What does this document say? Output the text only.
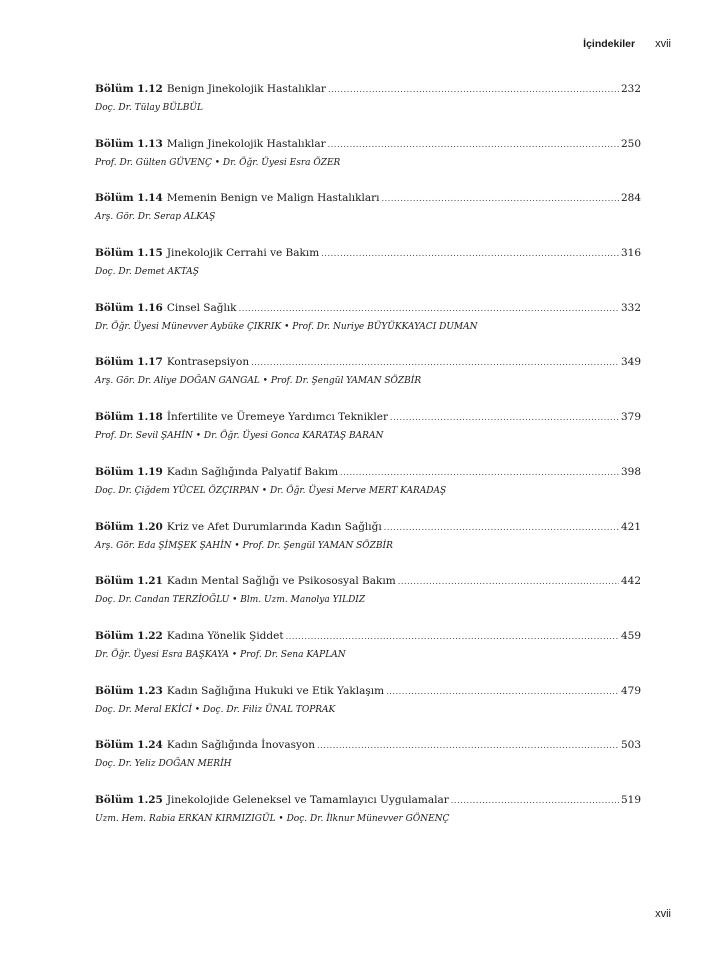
İçindekiler xvii
Bölüm 1.12 Benign Jinekolojik Hastalıklar .....	232
Doç. Dr. Tülay BÜLBÜL
Bölüm 1.13 Malign Jinekolojik Hastalıklar .....	250
Prof. Dr. Gülten GÜVENÇ • Dr. Öğr. Üyesi Esra ÖZER
Bölüm 1.14 Memenin Benign ve Malign Hastalıkları .....	284
Arş. Gör. Dr. Serap ALKAŞ
Bölüm 1.15 Jinekolojik Cerrahi ve Bakım .....	316
Doç. Dr. Demet AKTAŞ
Bölüm 1.16 Cinsel Sağlık .....	332
Dr. Öğr. Üyesi Münevver Aybüke ÇIKRIK • Prof. Dr. Nuriye BÜYÜKKAYACI DUMAN
Bölüm 1.17 Kontrasepsiyon .....	349
Arş. Gör. Dr. Aliye DOĞAN GANGAL • Prof. Dr. Şengül YAMAN SÖZBİR
Bölüm 1.18 İnfertilite ve Üremeye Yardımcı Teknikler .....	379
Prof. Dr. Sevil ŞAHİN • Dr. Öğr. Üyesi Gonca KARATAŞ BARAN
Bölüm 1.19 Kadın Sağlığında Palyatif Bakım .....	398
Doç. Dr. Çiğdem YÜCEL ÖZÇIRPAN • Dr. Öğr. Üyesi Merve MERT KARADAŞ
Bölüm 1.20 Kriz ve Afet Durumlarında Kadın Sağlığı .....	421
Arş. Gör. Eda ŞİMŞEK ŞAHİN • Prof. Dr. Şengül YAMAN SÖZBİR
Bölüm 1.21 Kadın Mental Sağlığı ve Psikososyal Bakım .....	442
Doç. Dr. Candan TERZİOĞLU • Blm. Uzm. Manolya YILDIZ
Bölüm 1.22 Kadına Yönelik Şiddet .....	459
Dr. Öğr. Üyesi Esra BAŞKAYA • Prof. Dr. Sena KAPLAN
Bölüm 1.23 Kadın Sağlığına Hukuki ve Etik Yaklaşım .....	479
Doç. Dr. Meral EKİCİ • Doç. Dr. Filiz ÜNAL TOPRAK
Bölüm 1.24 Kadın Sağlığında İnovasyon .....	503
Doç. Dr. Yeliz DOĞAN MERİH
Bölüm 1.25 Jinekolojide Geleneksel ve Tamamlayıcı Uygulamalar .....	519
Uzm. Hem. Rabia ERKAN KIRMIZIGÜL • Doç. Dr. İlknur Münevver GÖNENÇ
xvii
